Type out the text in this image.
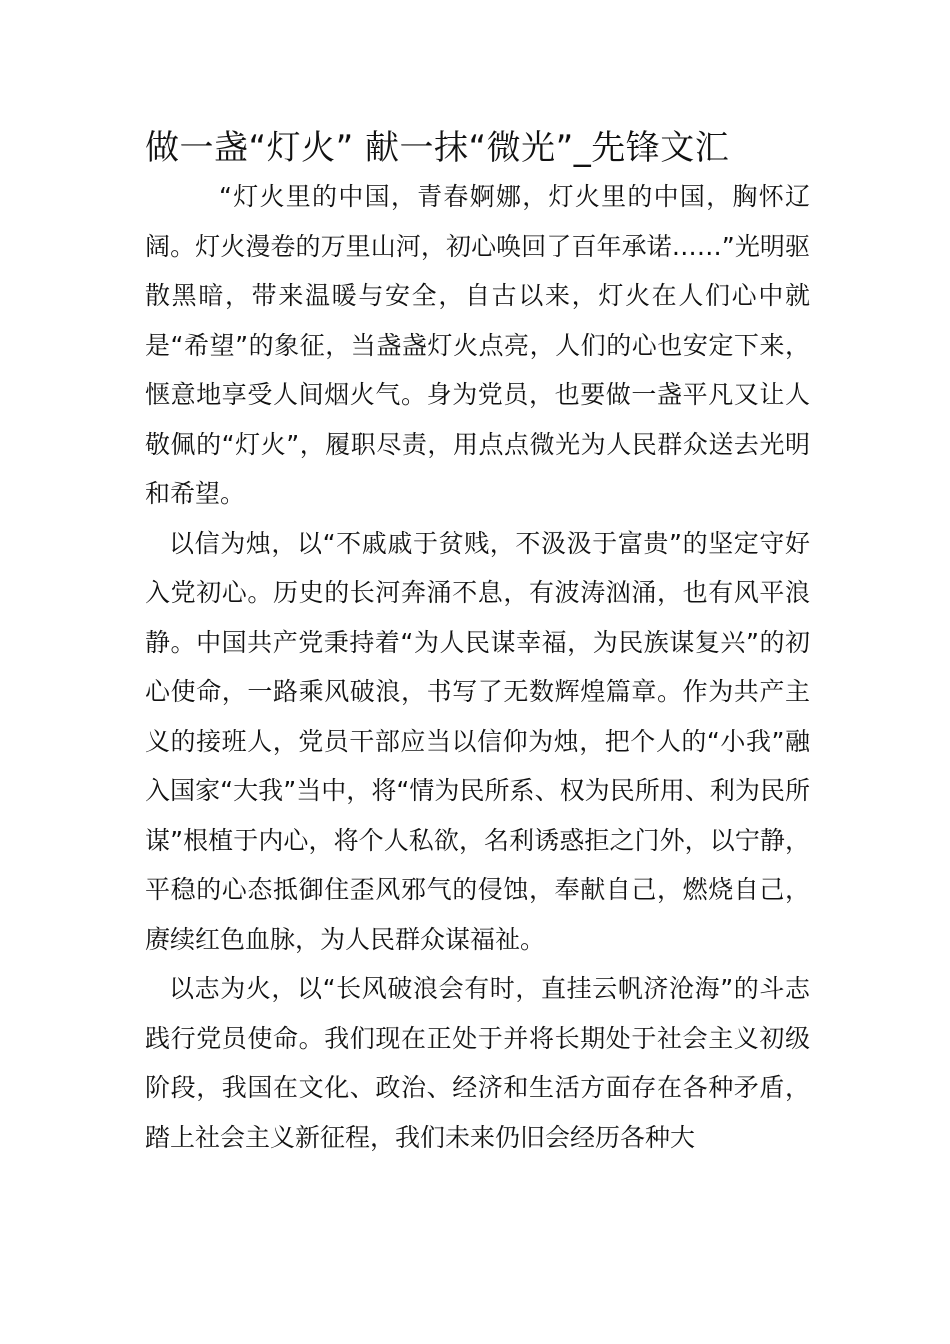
做一盏“灯火” 献一抹“微光”_先锋文汇

“灯火里的中国，青春婀娜，灯火里的中国，胸怀辽阔。灯火漫卷的万里山河，初心唤回了百年承诺……”光明驱散黑暗，带来温暖与安全，自古以来，灯火在人们心中就是“希望”的象征，当盏盏灯火点亮，人们的心也安定下来，惬意地享受人间烟火气。身为党员，也要做一盏平凡又让人敬佩的“灯火”，履职尽责，用点点微光为人民群众送去光明和希望。

以信为烛，以“不戚戚于贫贱，不汲汲于富贵”的坚定守好入党初心。历史的长河奔涌不息，有波涛汹涌，也有风平浪静。中国共产党秉持着“为人民谋幸福，为民族谋复兴”的初心使命，一路乘风破浪，书写了无数辉煌篇章。作为共产主义的接班人，党员干部应当以信仰为烛，把个人的“小我”融入国家“大我”当中，将“情为民所系、权为民所用、利为民所谋”根植于内心，将个人私欲，名利诱惑拒之门外，以宁静，平稳的心态抵御住歪风邪气的侵蚀，奉献自己，燃烧自己，赓续红色血脉，为人民群众谋福祉。

以志为火，以“长风破浪会有时，直挂云帆济沧海”的斗志践行党员使命。我们现在正处于并将长期处于社会主义初级阶段，我国在文化、政治、经济和生活方面存在各种矛盾，踏上社会主义新征程，我们未来仍旧会经历各种大
